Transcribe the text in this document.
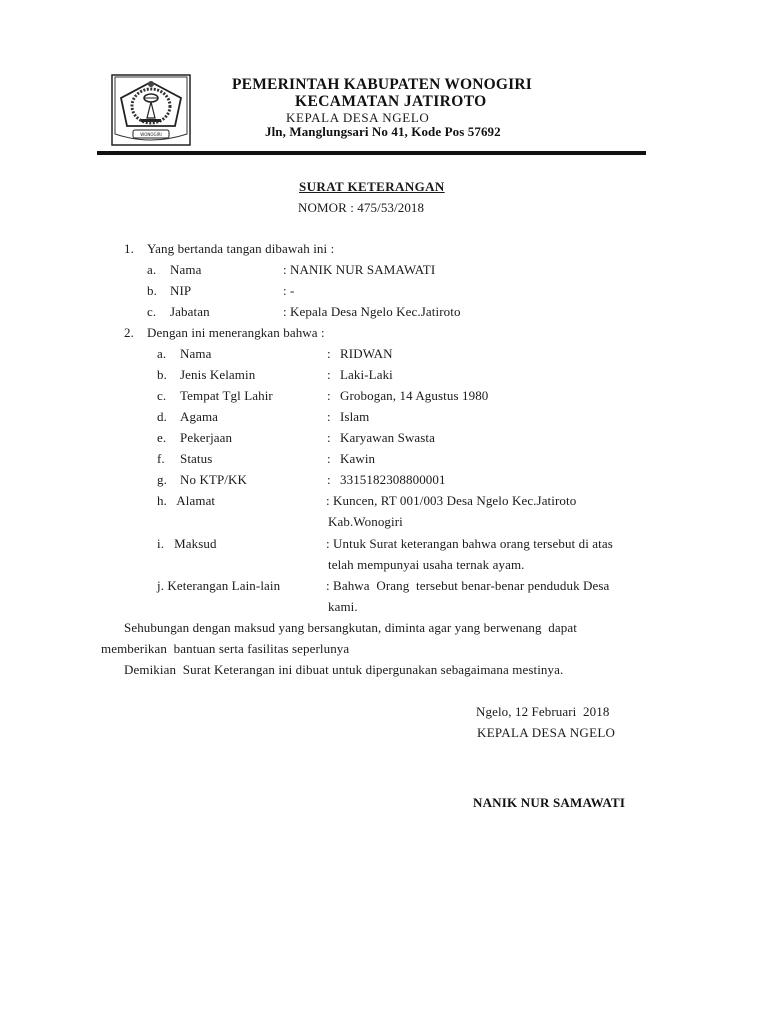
WONOGIRI
PEMERINTAH KABUPATEN WONOGIRI
KECAMATAN JATIROTO
KEPALA DESA NGELO
Jln, Manglungsari No 41, Kode Pos 57692
SURAT KETERANGAN
NOMOR : 475/53/2018
1. Yang bertanda tangan dibawah ini :
a. Nama	: NANIK NUR SAMAWATI
b. NIP	: -
c. Jabatan	: Kepala Desa Ngelo Kec.Jatiroto
2. Dengan ini menerangkan bahwa :
a. Nama	: RIDWAN
b. Jenis Kelamin	: Laki-Laki
c. Tempat Tgl Lahir	: Grobogan, 14 Agustus 1980
d. Agama	: Islam
e. Pekerjaan	: Karyawan Swasta
f. Status	: Kawin
g. No KTP/KK	: 3315182308800001
h.   Alamat	: Kuncen, RT 001/003 Desa Ngelo Kec.Jatiroto
Kab.Wonogiri
i.   Maksud	: Untuk Surat keterangan bahwa orang tersebut di atas
telah mempunyai usaha ternak ayam.
j. Keterangan Lain-lain	: Bahwa  Orang  tersebut benar-benar penduduk Desa
kami.
Sehubungan dengan maksud yang bersangkutan, diminta agar yang berwenang  dapat
memberikan  bantuan serta fasilitas seperlunya
Demikian  Surat Keterangan ini dibuat untuk dipergunakan sebagaimana mestinya.
Ngelo, 12 Februari  2018
KEPALA DESA NGELO
NANIK NUR SAMAWATI
